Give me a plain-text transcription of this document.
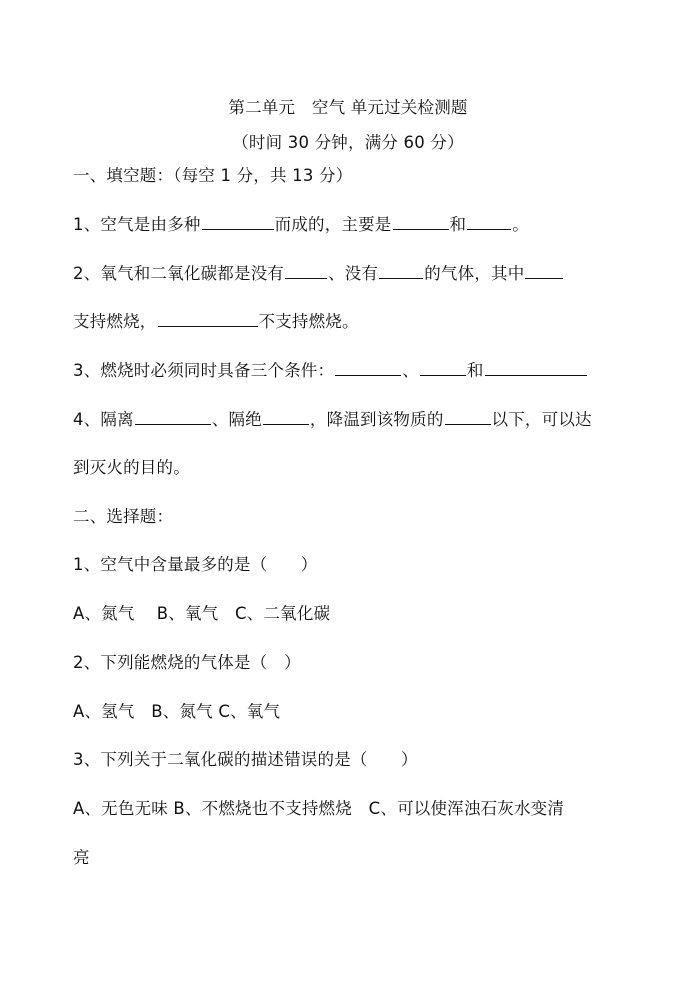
第二单元　空气 单元过关检测题
（时间 30 分钟，满分 60 分）
一、填空题：（每空 1 分，共 13 分）
1、空气是由多种	而成的，主要是	和	。
2、氧气和二氧化碳都是没有	、没有	的气体，其中
支持燃烧，	不支持燃烧。
3、燃烧时必须同时具备三个条件：	、	和
4、隔离	、隔绝	，降温到该物质的	以下，可以达
到灭火的目的。
二、选择题：
1、空气中含量最多的是（　　）
A、氮气　 B、氧气　C、二氧化碳
2、下列能燃烧的气体是（　）
A、氢气　B、氮气 C、氧气
3、下列关于二氧化碳的描述错误的是（　　）
A、无色无味 B、不燃烧也不支持燃烧　C、可以使浑浊石灰水变清
亮
